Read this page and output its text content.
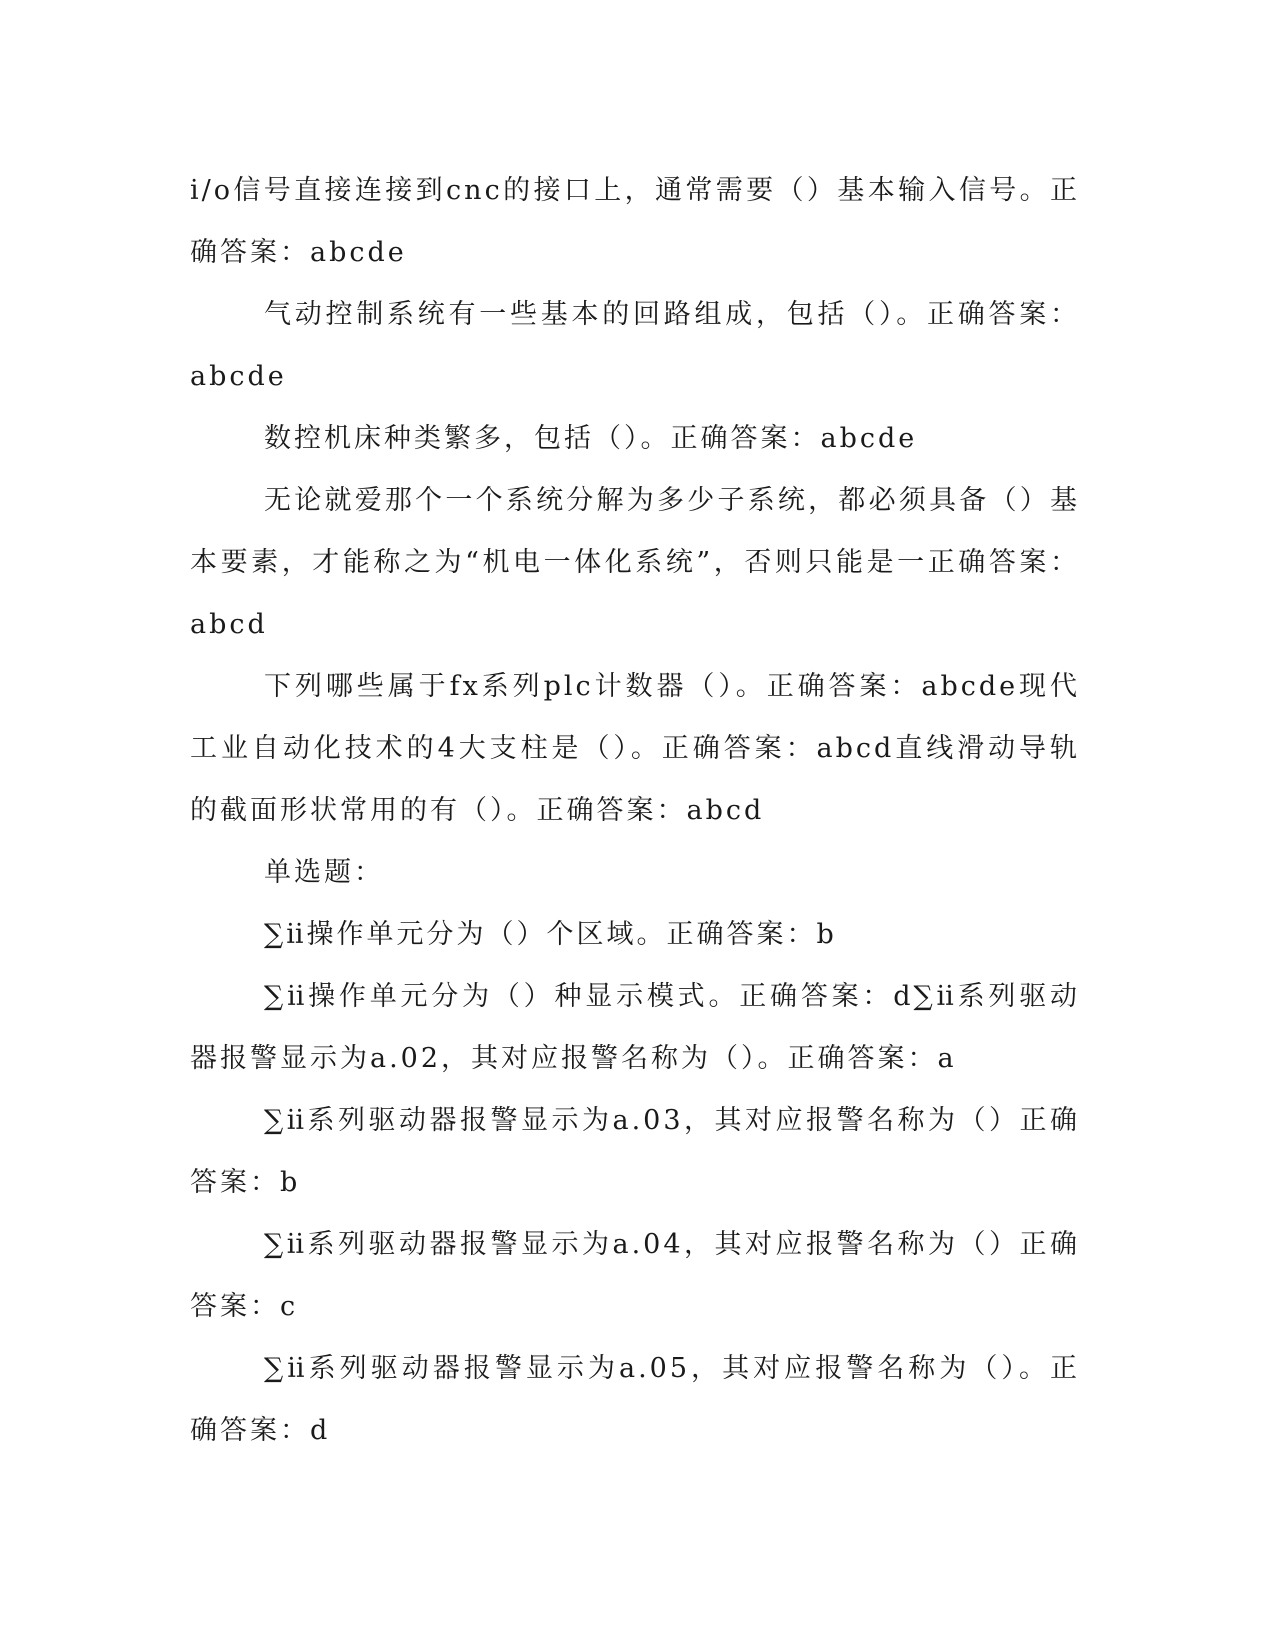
i/o信号直接连接到cnc的接口上，通常需要（）基本输入信号。正确答案：abcde

气动控制系统有一些基本的回路组成，包括（）。正确答案：abcde

数控机床种类繁多，包括（）。正确答案：abcde

无论就爱那个一个系统分解为多少子系统，都必须具备（）基本要素，才能称之为“机电一体化系统”，否则只能是一正确答案：abcd

下列哪些属于fx系列plc计数器（）。正确答案：abcde现代工业自动化技术的4大支柱是（）。正确答案：abcd直线滑动导轨的截面形状常用的有（）。正确答案：abcd

单选题：

∑ⅱ操作单元分为（）个区域。正确答案：b

∑ⅱ操作单元分为（）种显示模式。正确答案：d∑ⅱ系列驱动器报警显示为a.02，其对应报警名称为（）。正确答案：a

∑ⅱ系列驱动器报警显示为a.03，其对应报警名称为（）正确答案：b

∑ⅱ系列驱动器报警显示为a.04，其对应报警名称为（）正确答案：c

∑ⅱ系列驱动器报警显示为a.05，其对应报警名称为（）。正确答案：d
